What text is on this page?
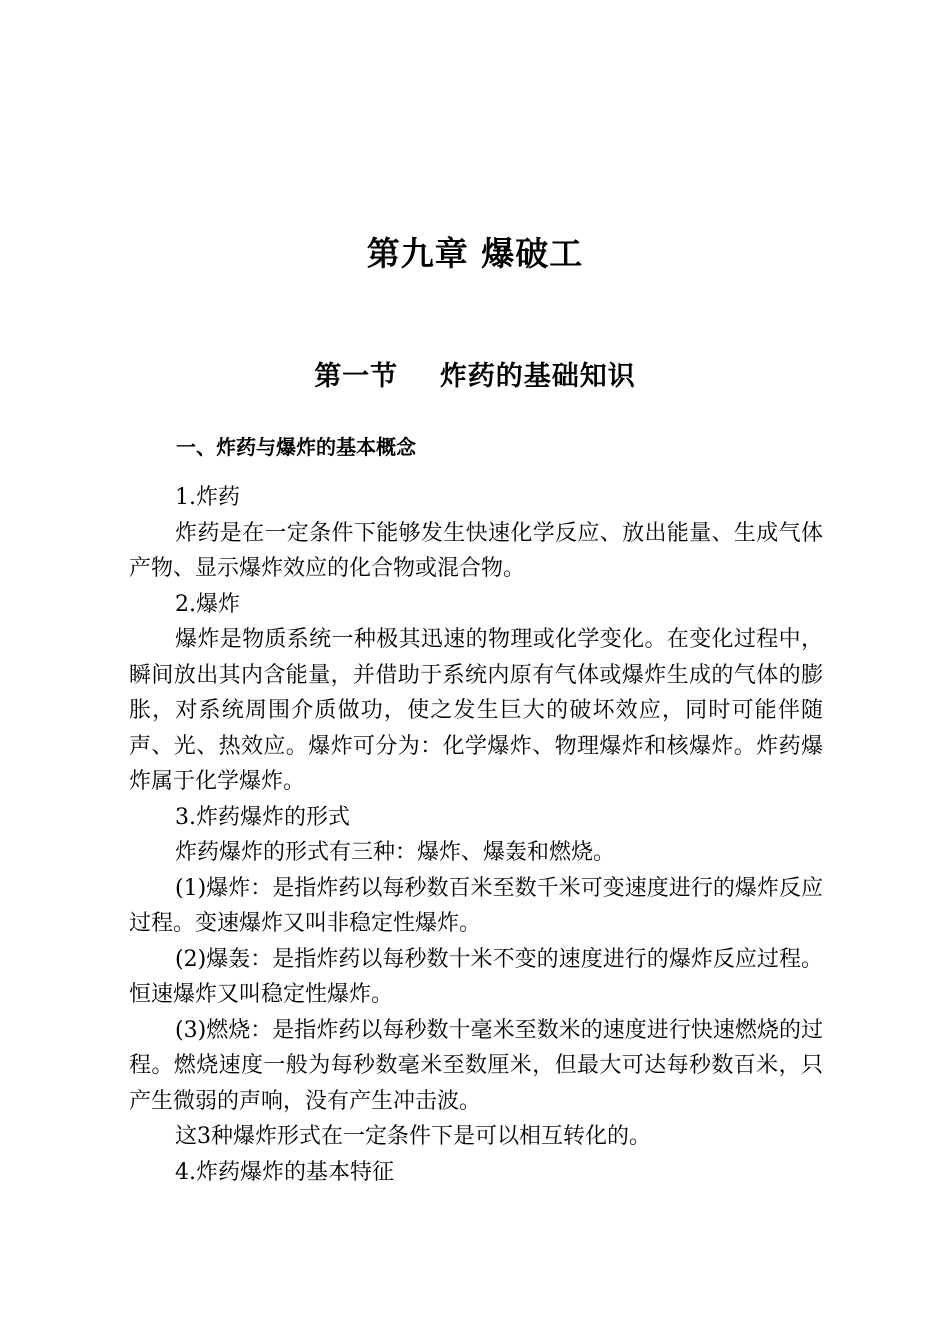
第九章 爆破工
第一节    炸药的基础知识
一、炸药与爆炸的基本概念

1.炸药

炸药是在一定条件下能够发生快速化学反应、放出能量、生成气体产物、显示爆炸效应的化合物或混合物。

2.爆炸

爆炸是物质系统一种极其迅速的物理或化学变化。在变化过程中，瞬间放出其内含能量，并借助于系统内原有气体或爆炸生成的气体的膨胀，对系统周围介质做功，使之发生巨大的破坏效应，同时可能伴随声、光、热效应。爆炸可分为：化学爆炸、物理爆炸和核爆炸。炸药爆炸属于化学爆炸。

3.炸药爆炸的形式

炸药爆炸的形式有三种：爆炸、爆轰和燃烧。

(1)爆炸：是指炸药以每秒数百米至数千米可变速度进行的爆炸反应过程。变速爆炸又叫非稳定性爆炸。

(2)爆轰：是指炸药以每秒数十米不变的速度进行的爆炸反应过程。恒速爆炸又叫稳定性爆炸。

(3)燃烧：是指炸药以每秒数十毫米至数米的速度进行快速燃烧的过程。燃烧速度一般为每秒数毫米至数厘米，但最大可达每秒数百米，只产生微弱的声响，没有产生冲击波。

这3种爆炸形式在一定条件下是可以相互转化的。

4.炸药爆炸的基本特征
